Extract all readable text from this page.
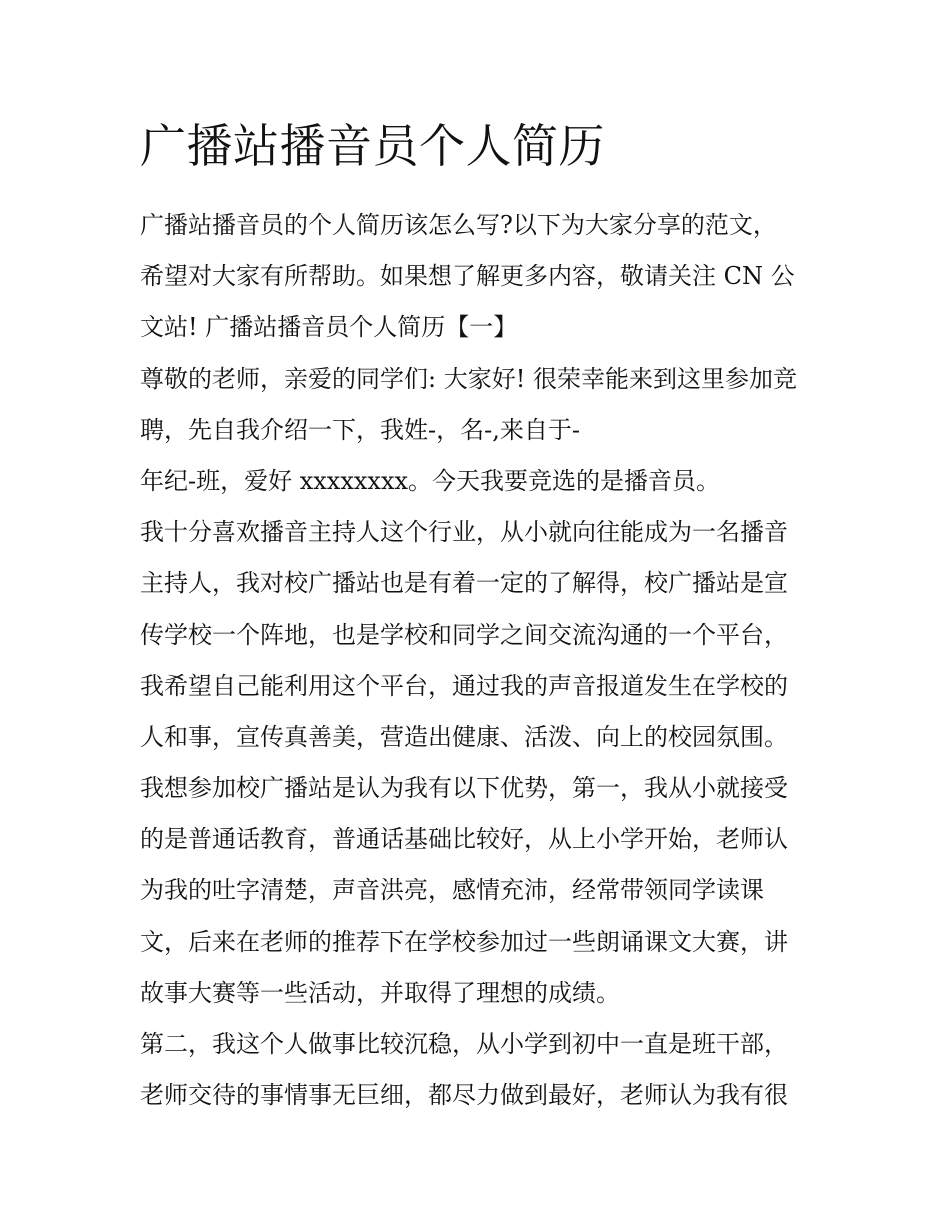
广播站播音员个人简历

广播站播音员的个人简历该怎么写?以下为大家分享的范文，

希望对大家有所帮助。如果想了解更多内容，敬请关注 CN 公

文站! 广播站播音员个人简历【一】

尊敬的老师，亲爱的同学们: 大家好! 很荣幸能来到这里参加竞

聘，先自我介绍一下，我姓-，名-,来自于-

年纪-班，爱好 xxxxxxxx。今天我要竞选的是播音员。

我十分喜欢播音主持人这个行业，从小就向往能成为一名播音

主持人，我对校广播站也是有着一定的了解得，校广播站是宣

传学校一个阵地，也是学校和同学之间交流沟通的一个平台，

我希望自己能利用这个平台，通过我的声音报道发生在学校的

人和事，宣传真善美，营造出健康、活泼、向上的校园氛围。

我想参加校广播站是认为我有以下优势，第一，我从小就接受

的是普通话教育，普通话基础比较好，从上小学开始，老师认

为我的吐字清楚，声音洪亮，感情充沛，经常带领同学读课

文，后来在老师的推荐下在学校参加过一些朗诵课文大赛，讲

故事大赛等一些活动，并取得了理想的成绩。

第二，我这个人做事比较沉稳，从小学到初中一直是班干部，

老师交待的事情事无巨细，都尽力做到最好，老师认为我有很
